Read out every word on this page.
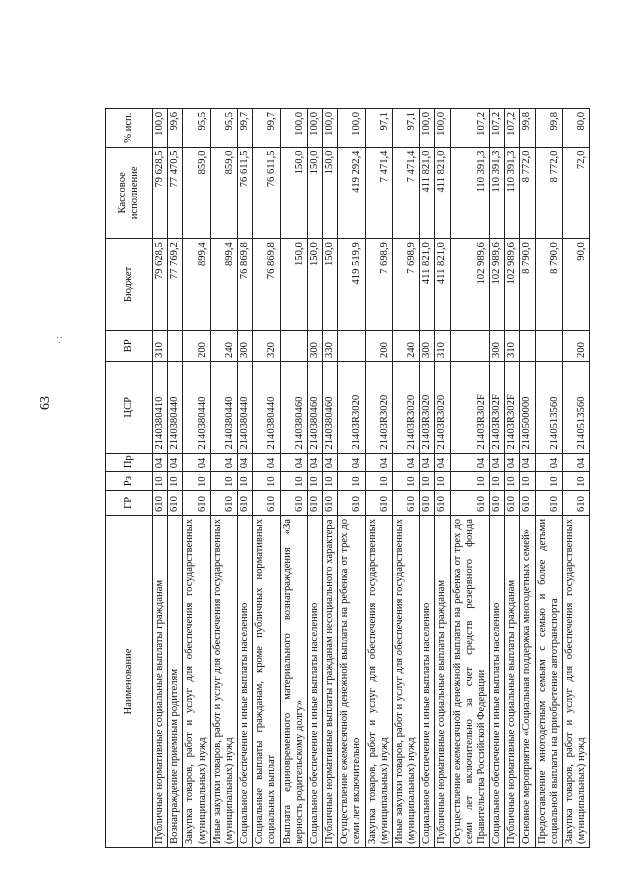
63
·̣·
Наименование	ГР	Рз	Пр	ЦСР	ВР	Бюджет	Кассовое исполнение	% исп.
Публичные нормативные социальные выплаты гражданам	610	10	04	2140380410	310	79 628,5	79 628,5	100,0
Вознаграждение приемным родителям	610	10	04	2140380440		77 769,2	77 470,5	99,6
Закупка товаров, работ и услуг для обеспечения государственных (муниципальных) нужд	610	10	04	2140380440	200	899,4	859,0	95,5
Иные закупки товаров, работ и услуг для обеспечения государственных (муниципальных) нужд	610	10	04	2140380440	240	899,4	859,0	95,5
Социальное обеспечение и иные выплаты населению	610	10	04	2140380440	300	76 869,8	76 611,5	99,7
Социальные выплаты гражданам, кроме публичных нормативных социальных выплат	610	10	04	2140380440	320	76 869,8	76 611,5	99,7
Выплата единовременного материального вознаграждения «За верность родительскому долгу»	610	10	04	2140380460		150,0	150,0	100,0
Социальное обеспечение и иные выплаты населению	610	10	04	2140380460	300	150,0	150,0	100,0
Публичные нормативные выплаты гражданам несоциального характера	610	10	04	2140380460	330	150,0	150,0	100,0
Осуществление ежемесячной денежной выплаты на ребенка от трех до семи лет включительно	610	10	04	21403R3020		419 519,9	419 292,4	100,0
Закупка товаров, работ и услуг для обеспечения государственных (муниципальных) нужд	610	10	04	21403R3020	200	7 698,9	7 471,4	97,1
Иные закупки товаров, работ и услуг для обеспечения государственных (муниципальных) нужд	610	10	04	21403R3020	240	7 698,9	7 471,4	97,1
Социальное обеспечение и иные выплаты населению	610	10	04	21403R3020	300	411 821,0	411 821,0	100,0
Публичные нормативные социальные выплаты гражданам	610	10	04	21403R3020	310	411 821,0	411 821,0	100,0
Осуществление ежемесячной денежной выплаты на ребенка от трех до семи лет включительно за счет средств резервного фонда Правительства Российской Федерации	610	10	04	21403R302F		102 989,6	110 391,3	107,2
Социальное обеспечение и иные выплаты населению	610	10	04	21403R302F	300	102 989,6	110 391,3	107,2
Публичные нормативные социальные выплаты гражданам	610	10	04	21403R302F	310	102 989,6	110 391,3	107,2
Основное мероприятие «Социальная поддержка многодетных семей»	610	10	04	2140500000		8 790,0	8 772,0	99,8
Предоставление многодетным семьям с семью и более детьми социальной выплаты на приобретение автотранспорта	610	10	04	2140513560		8 790,0	8 772,0	99,8
Закупка товаров, работ и услуг для обеспечения государственных (муниципальных) нужд	610	10	04	2140513560	200	90,0	72,0	80,0
